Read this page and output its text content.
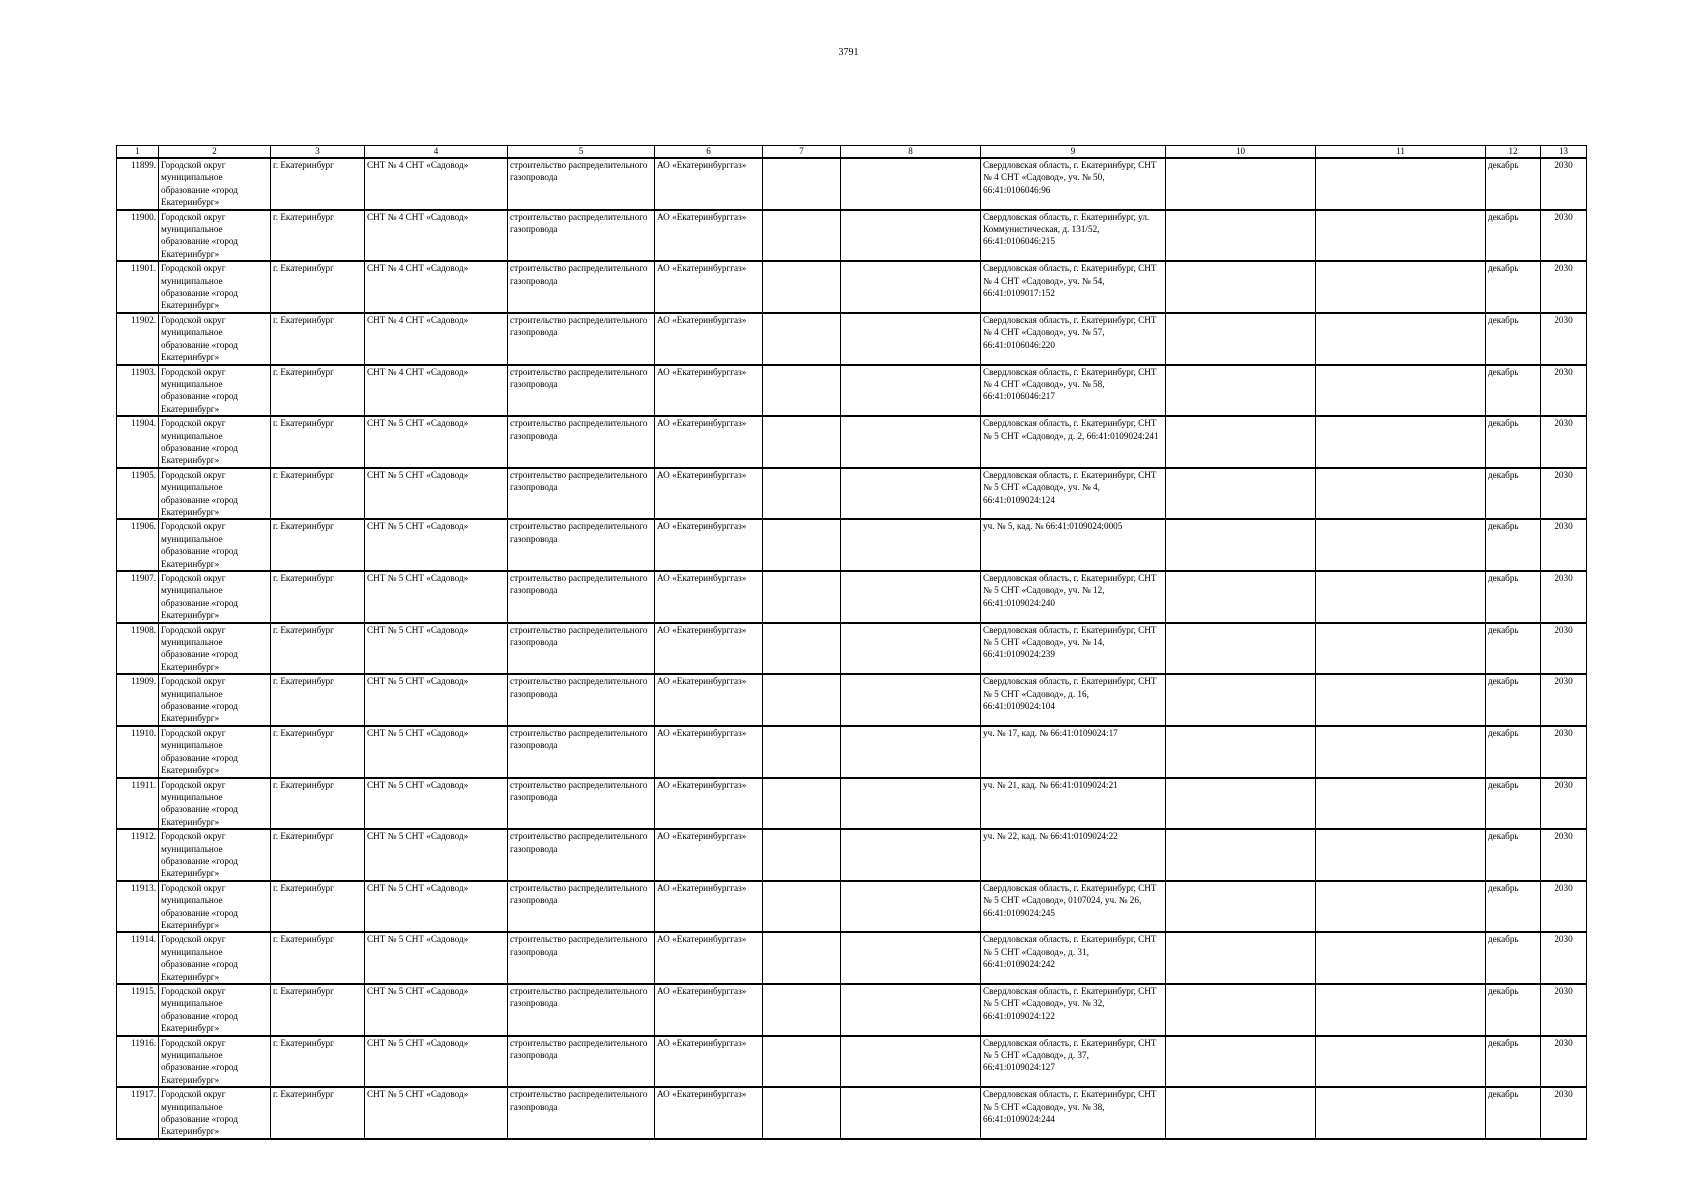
3791
1	2	3	4	5	6	7	8	9	10	11	12	13
11899.	Городской округ муниципальное образование «город Екатеринбург»	г. Екатеринбург	СНТ № 4 СНТ «Садовод»	строительство распределительного газопровода	АО «Екатеринбурггаз»			Свердловская область, г. Екатеринбург, СНТ № 4 СНТ «Садовод», уч. № 50, 66:41:0106046:96			декабрь	2030
11900.	Городской округ муниципальное образование «город Екатеринбург»	г. Екатеринбург	СНТ № 4 СНТ «Садовод»	строительство распределительного газопровода	АО «Екатеринбурггаз»			Свердловская область, г. Екатеринбург, ул. Коммунистическая, д. 131/52, 66:41:0106046:215			декабрь	2030
11901.	Городской округ муниципальное образование «город Екатеринбург»	г. Екатеринбург	СНТ № 4 СНТ «Садовод»	строительство распределительного газопровода	АО «Екатеринбурггаз»			Свердловская область, г. Екатеринбург, СНТ № 4 СНТ «Садовод», уч. № 54, 66:41:0109017:152			декабрь	2030
11902.	Городской округ муниципальное образование «город Екатеринбург»	г. Екатеринбург	СНТ № 4 СНТ «Садовод»	строительство распределительного газопровода	АО «Екатеринбурггаз»			Свердловская область, г. Екатеринбург, СНТ № 4 СНТ «Садовод», уч. № 57, 66:41:0106046:220			декабрь	2030
11903.	Городской округ муниципальное образование «город Екатеринбург»	г. Екатеринбург	СНТ № 4 СНТ «Садовод»	строительство распределительного газопровода	АО «Екатеринбурггаз»			Свердловская область, г. Екатеринбург, СНТ № 4 СНТ «Садовод», уч. № 58, 66:41:0106046:217			декабрь	2030
11904.	Городской округ муниципальное образование «город Екатеринбург»	г. Екатеринбург	СНТ № 5 СНТ «Садовод»	строительство распределительного газопровода	АО «Екатеринбурггаз»			Свердловская область, г. Екатеринбург, СНТ № 5 СНТ «Садовод», д. 2, 66:41:0109024:241			декабрь	2030
11905.	Городской округ муниципальное образование «город Екатеринбург»	г. Екатеринбург	СНТ № 5 СНТ «Садовод»	строительство распределительного газопровода	АО «Екатеринбурггаз»			Свердловская область, г. Екатеринбург, СНТ № 5 СНТ «Садовод», уч. № 4, 66:41:0109024:124			декабрь	2030
11906.	Городской округ муниципальное образование «город Екатеринбург»	г. Екатеринбург	СНТ № 5 СНТ «Садовод»	строительство распределительного газопровода	АО «Екатеринбурггаз»			уч. № 5, кад. № 66:41:0109024:0005			декабрь	2030
11907.	Городской округ муниципальное образование «город Екатеринбург»	г. Екатеринбург	СНТ № 5 СНТ «Садовод»	строительство распределительного газопровода	АО «Екатеринбурггаз»			Свердловская область, г. Екатеринбург, СНТ № 5 СНТ «Садовод», уч. № 12, 66:41:0109024:240			декабрь	2030
11908.	Городской округ муниципальное образование «город Екатеринбург»	г. Екатеринбург	СНТ № 5 СНТ «Садовод»	строительство распределительного газопровода	АО «Екатеринбурггаз»			Свердловская область, г. Екатеринбург, СНТ № 5 СНТ «Садовод», уч. № 14, 66:41:0109024:239			декабрь	2030
11909.	Городской округ муниципальное образование «город Екатеринбург»	г. Екатеринбург	СНТ № 5 СНТ «Садовод»	строительство распределительного газопровода	АО «Екатеринбурггаз»			Свердловская область, г. Екатеринбург, СНТ № 5 СНТ «Садовод», д. 16, 66:41:0109024:104			декабрь	2030
11910.	Городской округ муниципальное образование «город Екатеринбург»	г. Екатеринбург	СНТ № 5 СНТ «Садовод»	строительство распределительного газопровода	АО «Екатеринбурггаз»			уч. № 17, кад. № 66:41:0109024:17			декабрь	2030
11911.	Городской округ муниципальное образование «город Екатеринбург»	г. Екатеринбург	СНТ № 5 СНТ «Садовод»	строительство распределительного газопровода	АО «Екатеринбурггаз»			уч. № 21, кад. № 66:41:0109024:21			декабрь	2030
11912.	Городской округ муниципальное образование «город Екатеринбург»	г. Екатеринбург	СНТ № 5 СНТ «Садовод»	строительство распределительного газопровода	АО «Екатеринбурггаз»			уч. № 22, кад. № 66:41:0109024:22			декабрь	2030
11913.	Городской округ муниципальное образование «город Екатеринбург»	г. Екатеринбург	СНТ № 5 СНТ «Садовод»	строительство распределительного газопровода	АО «Екатеринбурггаз»			Свердловская область, г. Екатеринбург, СНТ № 5 СНТ «Садовод», 0107024, уч. № 26, 66:41:0109024:245			декабрь	2030
11914.	Городской округ муниципальное образование «город Екатеринбург»	г. Екатеринбург	СНТ № 5 СНТ «Садовод»	строительство распределительного газопровода	АО «Екатеринбурггаз»			Свердловская область, г. Екатеринбург, СНТ № 5 СНТ «Садовод», д. 31, 66:41:0109024:242			декабрь	2030
11915.	Городской округ муниципальное образование «город Екатеринбург»	г. Екатеринбург	СНТ № 5 СНТ «Садовод»	строительство распределительного газопровода	АО «Екатеринбурггаз»			Свердловская область, г. Екатеринбург, СНТ № 5 СНТ «Садовод», уч. № 32, 66:41:0109024:122			декабрь	2030
11916.	Городской округ муниципальное образование «город Екатеринбург»	г. Екатеринбург	СНТ № 5 СНТ «Садовод»	строительство распределительного газопровода	АО «Екатеринбурггаз»			Свердловская область, г. Екатеринбург, СНТ № 5 СНТ «Садовод», д. 37, 66:41:0109024:127			декабрь	2030
11917.	Городской округ муниципальное образование «город Екатеринбург»	г. Екатеринбург	СНТ № 5 СНТ «Садовод»	строительство распределительного газопровода	АО «Екатеринбурггаз»			Свердловская область, г. Екатеринбург, СНТ № 5 СНТ «Садовод», уч. № 38, 66:41:0109024:244			декабрь	2030
